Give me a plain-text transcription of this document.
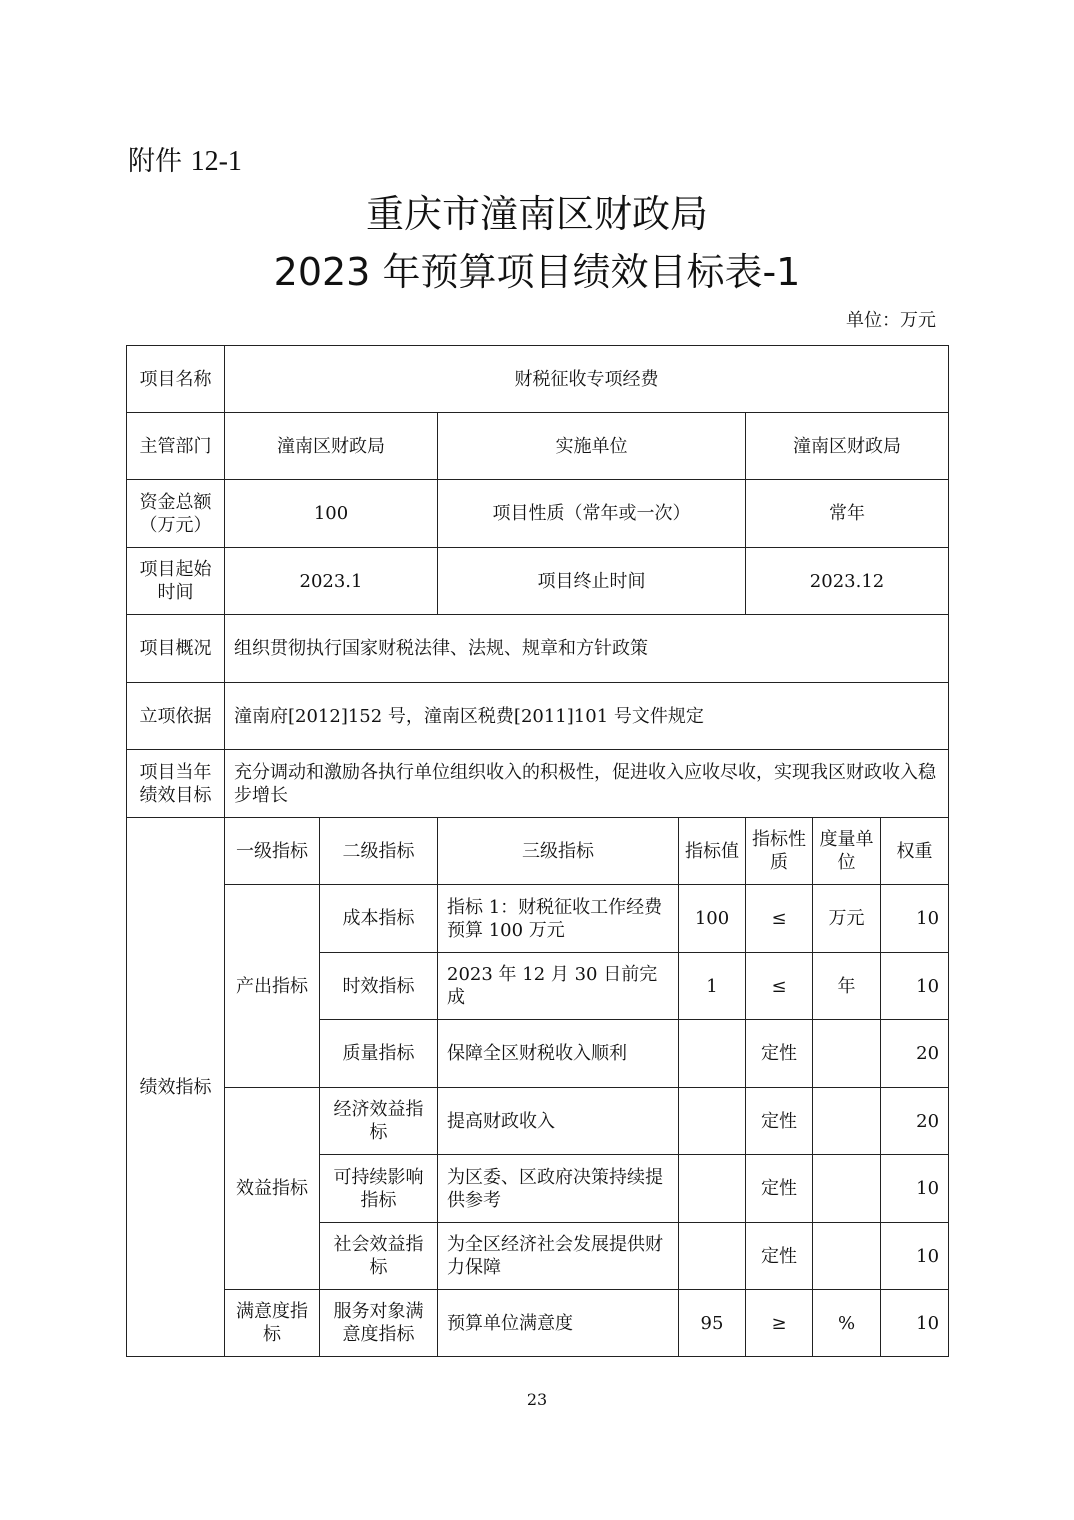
附件 12-1
重庆市潼南区财政局
2023 年预算项目绩效目标表-1
单位：万元
项目名称	财税征收专项经费						
主管部门	潼南区财政局		实施单位		潼南区财政局		
资金总额（万元）	100		项目性质（常年或一次）		常年		
项目起始时间	2023.1		项目终止时间		2023.12		
项目概况	组织贯彻执行国家财税法律、法规、规章和方针政策						
立项依据	潼南府[2012]152 号，潼南区税费[2011]101 号文件规定						
项目当年绩效目标	充分调动和激励各执行单位组织收入的积极性，促进收入应收尽收，实现我区财政收入稳步增长						
绩效指标	一级指标	二级指标	三级指标	指标值	指标性质	度量单位	权重
	产出指标	成本指标	指标 1：财税征收工作经费预算 100 万元	100	≤	万元	10
		时效指标	2023 年 12 月 30 日前完成	1	≤	年	10
		质量指标	保障全区财税收入顺利		定性		20
	效益指标	经济效益指标	提高财政收入		定性		20
		可持续影响指标	为区委、区政府决策持续提供参考		定性		10
		社会效益指标	为全区经济社会发展提供财力保障		定性		10
	满意度指标	服务对象满意度指标	预算单位满意度	95	≥	%	10
23
